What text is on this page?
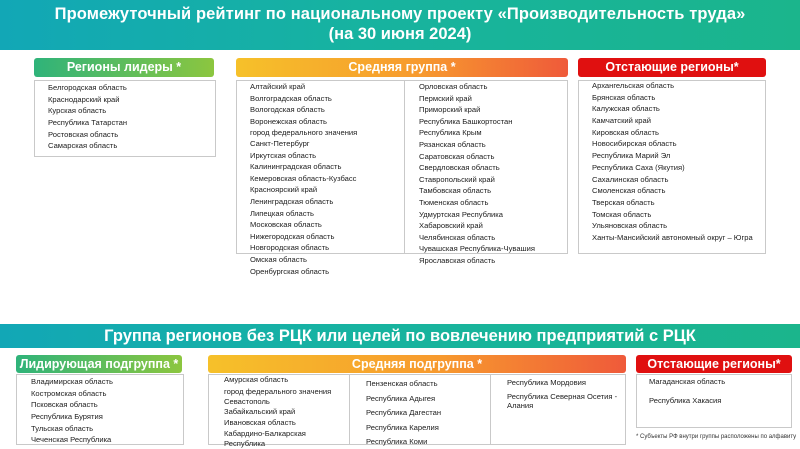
Промежуточный рейтинг по национальному проекту «Производительность труда»
(на 30 июня 2024)
Регионы лидеры *
Белгородская область
Краснодарский край
Курская область
Республика Татарстан
Ростовская область
Самарская область
Средняя группа *
Алтайский край
Волгоградская область
Вологодская область
Воронежская область
город федерального значения Санкт-Петербург
Иркутская область
Калининградская область
Кемеровская область-Кузбасс
Красноярский край
Ленинградская область
Липецкая область
Московская область
Нижегородская область
Новгородская область
Омская область
Оренбургская область
Орловская область
Пермский край
Приморский край
Республика Башкортостан
Республика Крым
Рязанская область
Саратовская область
Свердловская область
Ставропольский край
Тамбовская область
Тюменская область
Удмуртская Республика
Хабаровский край
Челябинская область
Чувашская Республика-Чувашия
Ярославская область
Отстающие регионы*
Архангельская область
Брянская область
Калужская область
Камчатский край
Кировская область
Новосибирская область
Республика Марий Эл
Республика Саха (Якутия)
Сахалинская область
Смоленская область
Тверская область
Томская область
Ульяновская область
Ханты-Мансийский автономный округ – Югра
Группа регионов без РЦК или целей по вовлечению предприятий с РЦК
Лидирующая подгруппа *
Владимирская область
Костромская область
Псковская область
Республика Бурятия
Тульская область
Чеченская Республика
Средняя подгруппа *
Амурская область
город федерального значения Севастополь
Забайкальский край
Ивановская область
Кабардино-Балкарская Республика
Пензенская область
Республика Адыгея
Республика Дагестан
Республика Карелия
Республика Коми
Республика Мордовия
Республика Северная Осетия - Алания
Отстающие регионы*
Магаданская область
Республика Хакасия
* Субъекты РФ внутри группы расположены по алфавиту
